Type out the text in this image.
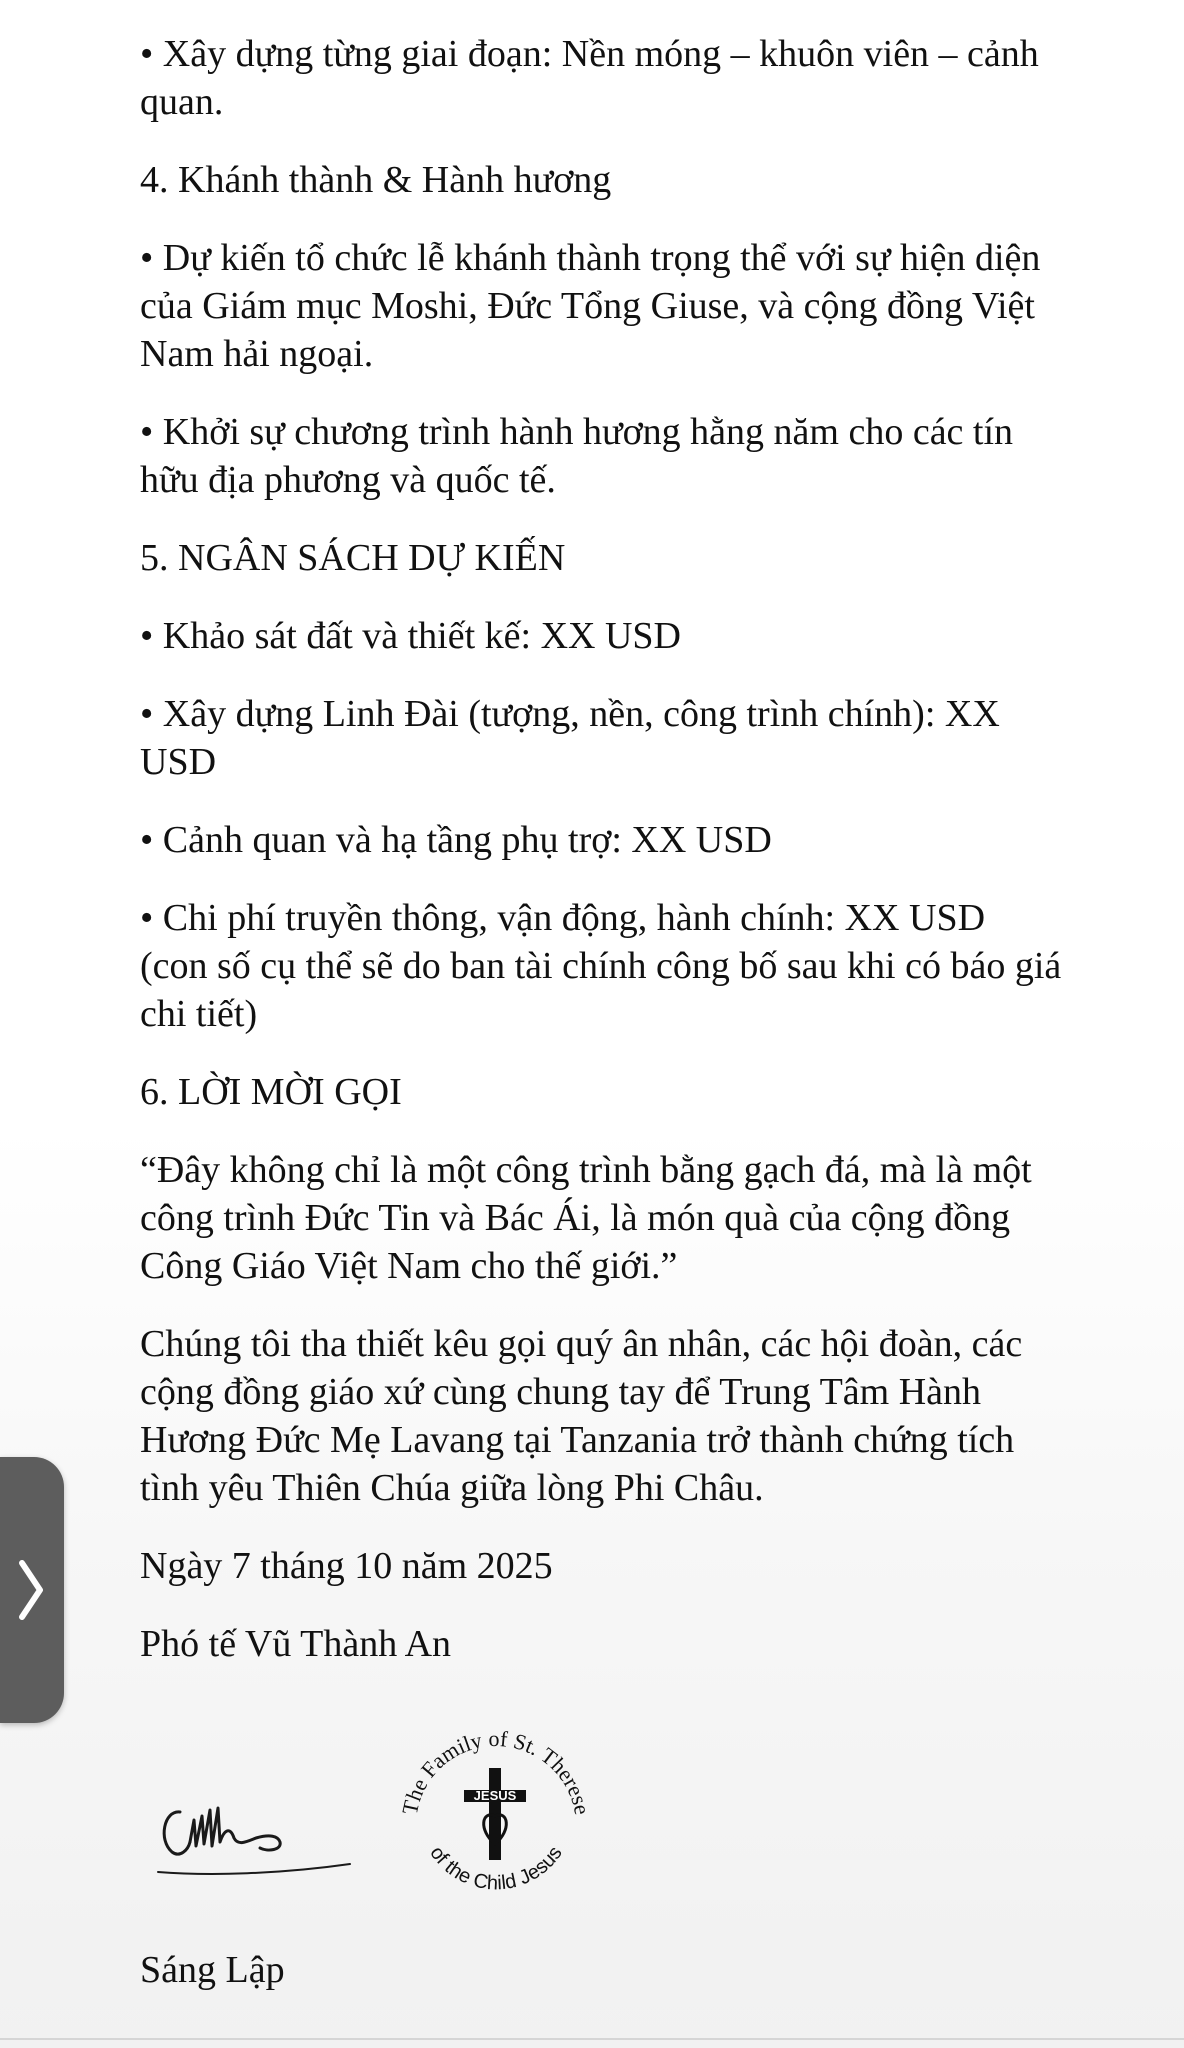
• Xây dựng từng giai đoạn: Nền móng – khuôn viên – cảnh
quan.

4. Khánh thành & Hành hương

• Dự kiến tổ chức lễ khánh thành trọng thể với sự hiện diện
của Giám mục Moshi, Đức Tổng Giuse, và cộng đồng Việt
Nam hải ngoại.

• Khởi sự chương trình hành hương hằng năm cho các tín
hữu địa phương và quốc tế.

5. NGÂN SÁCH DỰ KIẾN

• Khảo sát đất và thiết kế: XX USD

• Xây dựng Linh Đài (tượng, nền, công trình chính): XX
USD

• Cảnh quan và hạ tầng phụ trợ: XX USD

• Chi phí truyền thông, vận động, hành chính: XX USD
(con số cụ thể sẽ do ban tài chính công bố sau khi có báo giá
chi tiết)

6. LỜI MỜI GỌI

“Đây không chỉ là một công trình bằng gạch đá, mà là một
công trình Đức Tin và Bác Ái, là món quà của cộng đồng
Công Giáo Việt Nam cho thế giới.”

Chúng tôi tha thiết kêu gọi quý ân nhân, các hội đoàn, các
cộng đồng giáo xứ cùng chung tay để Trung Tâm Hành
Hương Đức Mẹ Lavang tại Tanzania trở thành chứng tích
tình yêu Thiên Chúa giữa lòng Phi Châu.

Ngày 7 tháng 10 năm 2025

Phó tế Vũ Thành An

The Family of St. Therese
of the Child Jesus
JESUS
Sáng Lập
